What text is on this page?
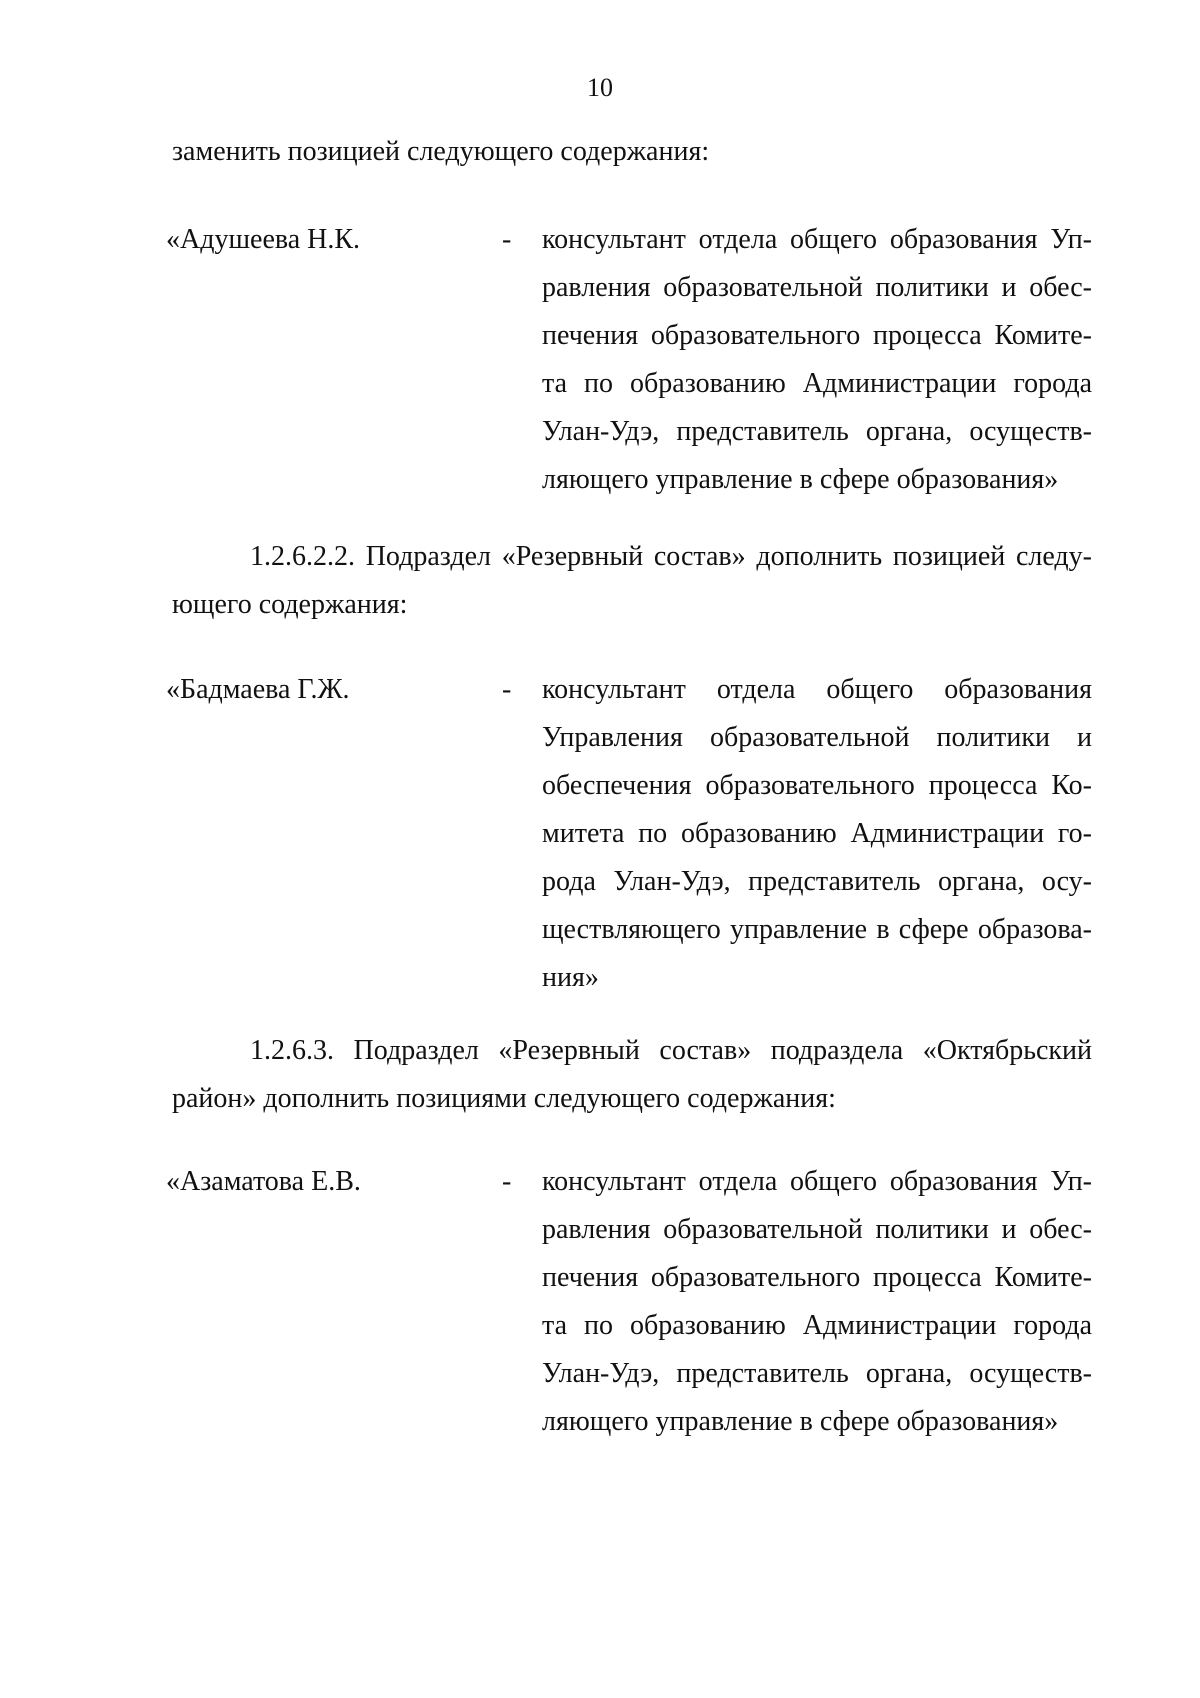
10

заменить позицией следующего содержания:

«Адушеева Н.К.	- консультант отдела общего образования Уп-
равления образовательной политики и обес-
печения образовательного процесса Комите-
та по образованию Администрации города
Улан-Удэ, представитель органа, осуществ-
ляющего управление в сфере образования»
1.2.6.2.2. Подраздел «Резервный состав» дополнить позицией следу-
ющего содержания:
«Бадмаева Г.Ж.	- консультант отдела общего образования
Управления образовательной политики и
обеспечения образовательного процесса Ко-
митета по образованию Администрации го-
рода Улан-Удэ, представитель органа, осу-
ществляющего управление в сфере образова-
ния»
1.2.6.3. Подраздел «Резервный состав» подраздела «Октябрьский
район» дополнить позициями следующего содержания:
«Азаматова Е.В.	- консультант отдела общего образования Уп-
равления образовательной политики и обес-
печения образовательного процесса Комите-
та по образованию Администрации города
Улан-Удэ, представитель органа, осуществ-
ляющего управление в сфере образования»
